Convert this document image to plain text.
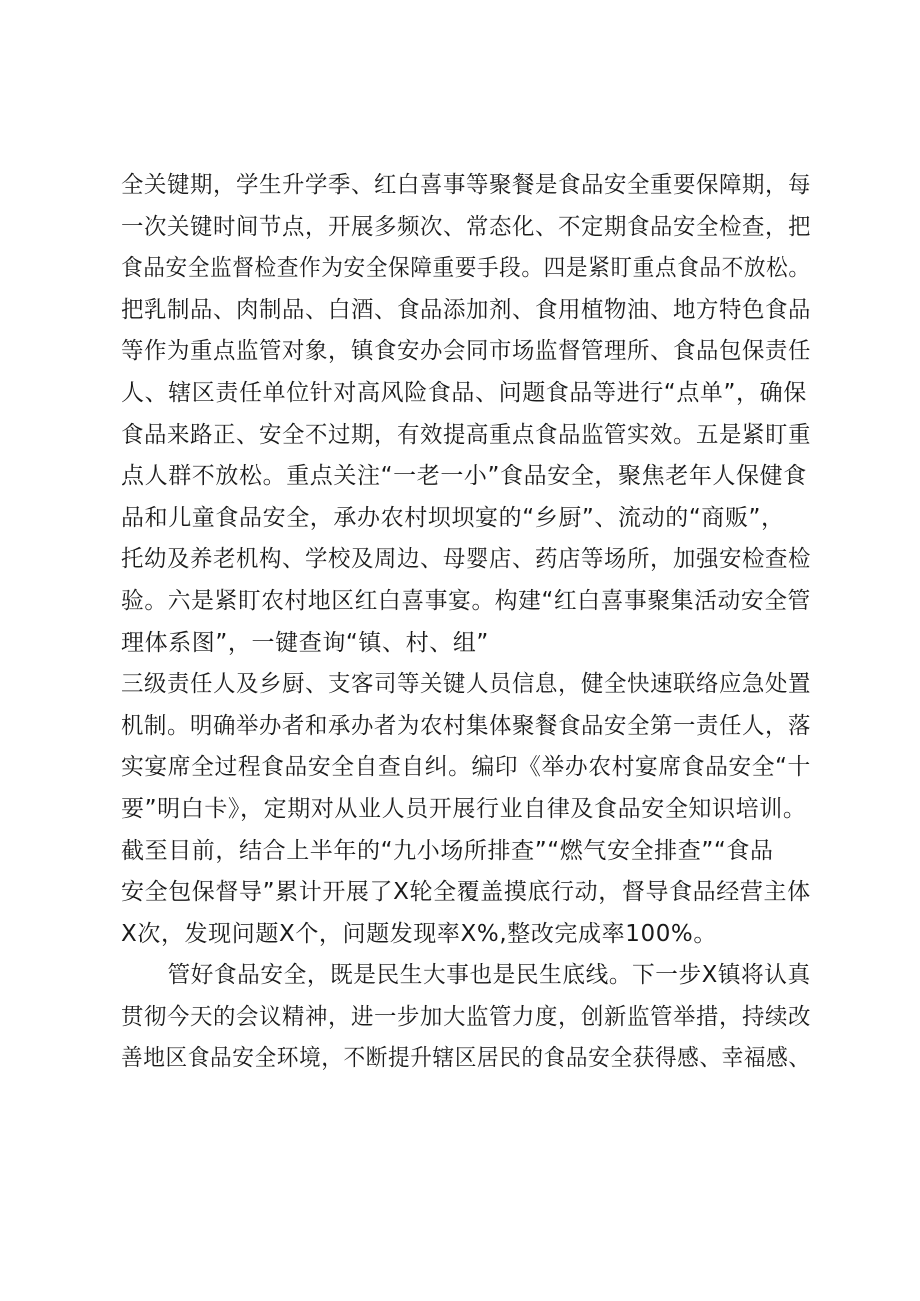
全关键期，学生升学季、红白喜事等聚餐是食品安全重要保障期，每
一次关键时间节点，开展多频次、常态化、不定期食品安全检查，把
食品安全监督检查作为安全保障重要手段。四是紧盯重点食品不放松。
把乳制品、肉制品、白酒、食品添加剂、食用植物油、地方特色食品
等作为重点监管对象，镇食安办会同市场监督管理所、食品包保责任
人、辖区责任单位针对高风险食品、问题食品等进行“点单”，确保
食品来路正、安全不过期，有效提高重点食品监管实效。五是紧盯重
点人群不放松。重点关注“一老一小”食品安全，聚焦老年人保健食
品和儿童食品安全，承办农村坝坝宴的“乡厨”、流动的“商贩”，
托幼及养老机构、学校及周边、母婴店、药店等场所，加强安检查检
验。六是紧盯农村地区红白喜事宴。构建“红白喜事聚集活动安全管
理体系图”，一键查询“镇、村、组”
三级责任人及乡厨、支客司等关键人员信息，健全快速联络应急处置
机制。明确举办者和承办者为农村集体聚餐食品安全第一责任人，落
实宴席全过程食品安全自查自纠。编印《举办农村宴席食品安全“十
要”明白卡》，定期对从业人员开展行业自律及食品安全知识培训。
截至目前，结合上半年的“九小场所排查”“燃气安全排查”“食品
安全包保督导”累计开展了X轮全覆盖摸底行动，督导食品经营主体
X次，发现问题X个，问题发现率X%,整改完成率100%。
　　管好食品安全，既是民生大事也是民生底线。下一步X镇将认真
贯彻今天的会议精神，进一步加大监管力度，创新监管举措，持续改
善地区食品安全环境，不断提升辖区居民的食品安全获得感、幸福感、
